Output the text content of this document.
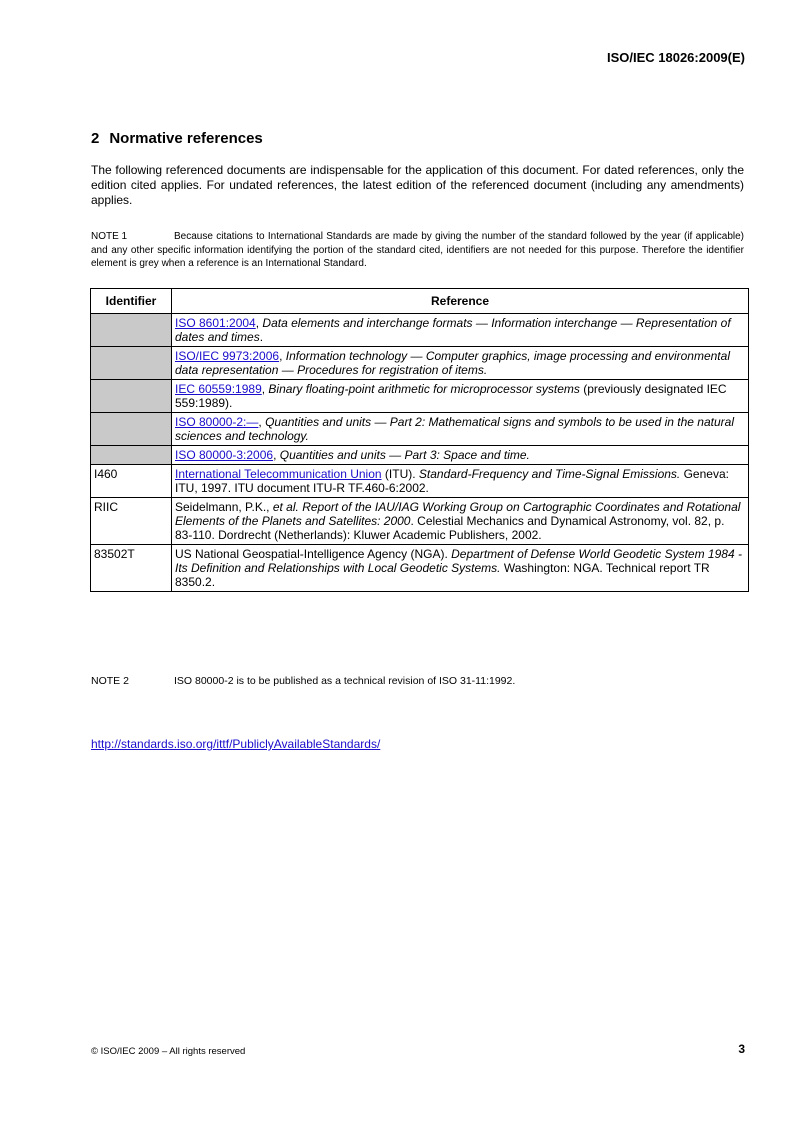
ISO/IEC 18026:2009(E)
2 Normative references

The following referenced documents are indispensable for the application of this document. For dated references, only the edition cited applies. For undated references, the latest edition of the referenced document (including any amendments) applies.

NOTE 1	Because citations to International Standards are made by giving the number of the standard followed by the year (if applicable) and any other specific information identifying the portion of the standard cited, identifiers are not needed for this purpose. Therefore the identifier element is grey when a reference is an International Standard.

Identifier	Reference
	ISO 8601:2004, Data elements and interchange formats — Information interchange — Representation of dates and times.
	ISO/IEC 9973:2006, Information technology — Computer graphics, image processing and environmental data representation — Procedures for registration of items.
	IEC 60559:1989, Binary floating-point arithmetic for microprocessor systems (previously designated IEC 559:1989).
	ISO 80000-2:—, Quantities and units — Part 2: Mathematical signs and symbols to be used in the natural sciences and technology.
	ISO 80000-3:2006, Quantities and units — Part 3: Space and time.
I460	International Telecommunication Union (ITU). Standard-Frequency and Time-Signal Emissions. Geneva: ITU, 1997. ITU document ITU-R TF.460-6:2002.
RIIC	Seidelmann, P.K., et al. Report of the IAU/IAG Working Group on Cartographic Coordinates and Rotational Elements of the Planets and Satellites: 2000. Celestial Mechanics and Dynamical Astronomy, vol. 82, p. 83-110. Dordrecht (Netherlands): Kluwer Academic Publishers, 2002.
83502T	US National Geospatial-Intelligence Agency (NGA). Department of Defense World Geodetic System 1984 - Its Definition and Relationships with Local Geodetic Systems. Washington: NGA. Technical report TR 8350.2.
NOTE 2	ISO 80000-2 is to be published as a technical revision of ISO 31-11:1992.
http://standards.iso.org/ittf/PubliclyAvailableStandards/
© ISO/IEC 2009 – All rights reserved	3
